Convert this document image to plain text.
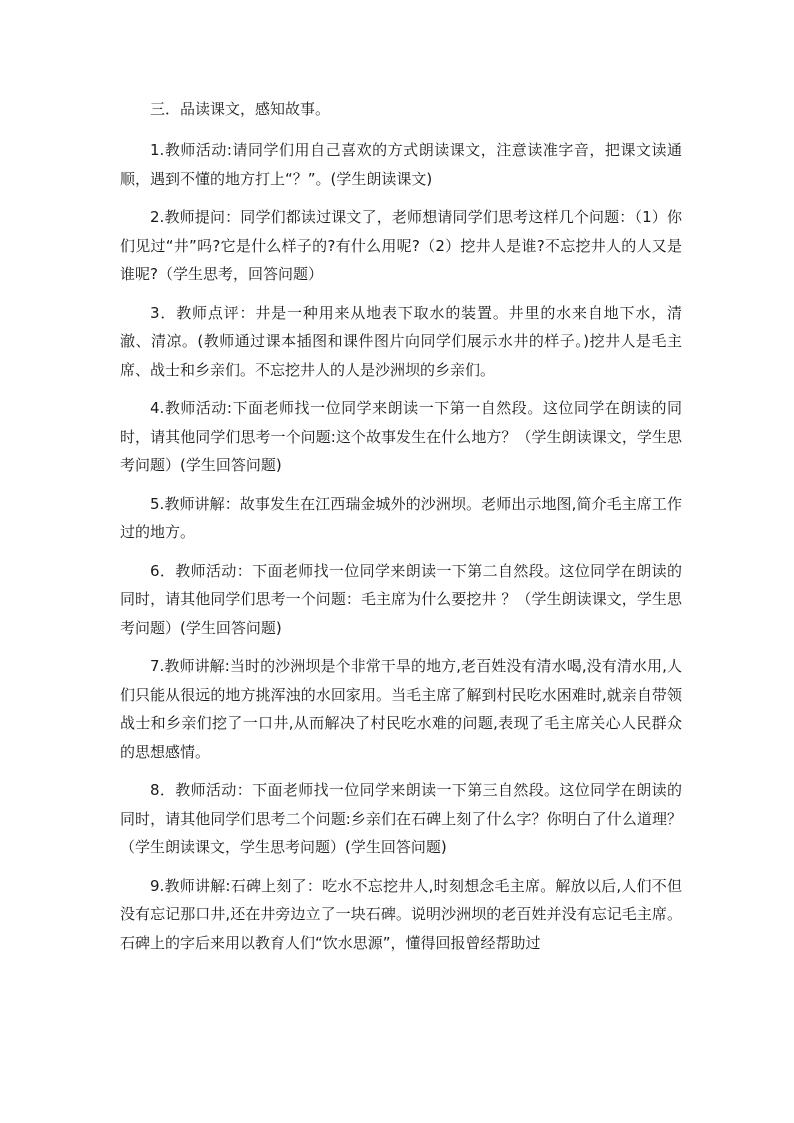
三．品读课文，感知故事。

1.教师活动:请同学们用自己喜欢的方式朗读课文，注意读准字音，把课文读通顺，遇到不懂的地方打上“？”。(学生朗读课文)

2.教师提问：同学们都读过课文了，老师想请同学们思考这样几个问题：（1）你们见过“井”吗?它是什么样子的?有什么用呢?（2）挖井人是谁?不忘挖井人的人又是谁呢?（学生思考，回答问题）

3．教师点评：井是一种用来从地表下取水的装置。井里的水来自地下水，清澈、清凉。(教师通过课本插图和课件图片向同学们展示水井的样子。)挖井人是毛主席、战士和乡亲们。不忘挖井人的人是沙洲坝的乡亲们。

4.教师活动:下面老师找一位同学来朗读一下第一自然段。这位同学在朗读的同时，请其他同学们思考一个问题:这个故事发生在什么地方？（学生朗读课文，学生思考问题）(学生回答问题)

5.教师讲解：故事发生在江西瑞金城外的沙洲坝。老师出示地图,简介毛主席工作过的地方。

6．教师活动：下面老师找一位同学来朗读一下第二自然段。这位同学在朗读的同时，请其他同学们思考一个问题：毛主席为什么要挖井 ？（学生朗读课文，学生思考问题）(学生回答问题)

7.教师讲解:当时的沙洲坝是个非常干旱的地方,老百姓没有清水喝,没有清水用,人们只能从很远的地方挑浑浊的水回家用。当毛主席了解到村民吃水困难时,就亲自带领战士和乡亲们挖了一口井,从而解决了村民吃水难的问题,表现了毛主席关心人民群众的思想感情。

8．教师活动：下面老师找一位同学来朗读一下第三自然段。这位同学在朗读的同时，请其他同学们思考二个问题:乡亲们在石碑上刻了什么字？你明白了什么道理？（学生朗读课文，学生思考问题）(学生回答问题)

9.教师讲解:石碑上刻了：吃水不忘挖井人,时刻想念毛主席。解放以后,人们不但没有忘记那口井,还在井旁边立了一块石碑。说明沙洲坝的老百姓并没有忘记毛主席。石碑上的字后来用以教育人们“饮水思源”，懂得回报曾经帮助过
